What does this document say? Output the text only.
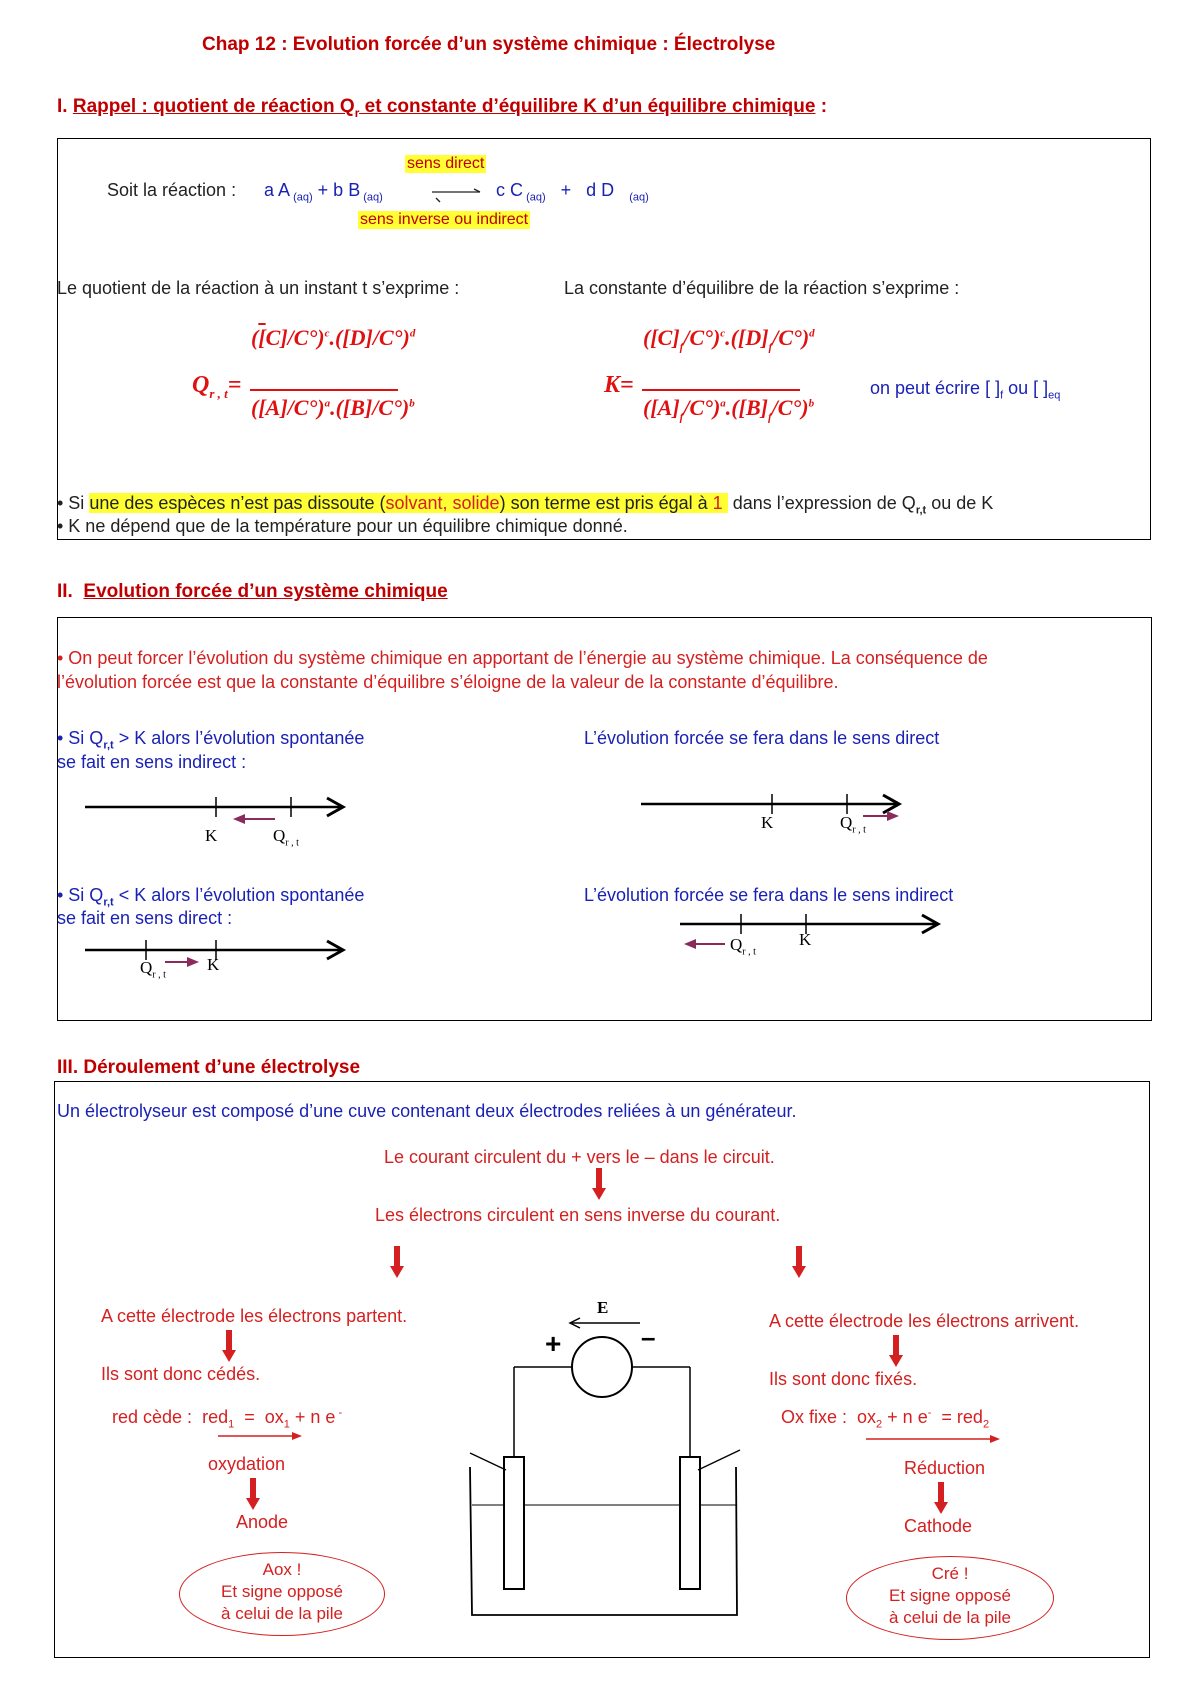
Chap 12 : Evolution forcée d’un système chimique : Électrolyse
I. Rappel : quotient de réaction $Q_r$ et constante d’équilibre K d’un équilibre chimique :
sens direct
sens inverse ou indirect
Soit la réaction : a A $_{(aq)}$ + b B $_{(aq)}$	c C $_{(aq)}$ + d D $_{(aq)}$
Le quotient de la réaction à un instant t s’exprime :	La constante d’équilibre de la réaction s’exprime :
$Q_{r , t}=$
$([C]/C^\circ)^c.([D]/C^\circ)^d$
$([A]/C^\circ)^a.([B]/C^\circ)^b$
K=
$([C]_f/C^\circ)^c.([D]_f/C^\circ)^d$
$([A]_f/C^\circ)^a.([B]_f/C^\circ)^b$
on peut écrire [ ]$_f$ ou [ ]$_{eq}$
• Si une des espèces n’est pas dissoute (solvant, solide) son terme est pris égal à 1  dans l’expression de $Q_{r,t}$ ou de K
• K ne dépend que de la température pour un équilibre chimique donné.
II. Evolution forcée d’un système chimique
• On peut forcer l’évolution du système chimique en apportant de l’énergie au système chimique. La conséquence de
l’évolution forcée est que la constante d’équilibre s’éloigne de la valeur de la constante d’équilibre.
• Si $Q_{r,t} > K$ alors l’évolution spontanée
se fait en sens indirect :
L’évolution forcée se fera dans le sens direct
• Si $Q_{r,t} < K$ alors l’évolution spontanée
se fait en sens direct :
L’évolution forcée se fera dans le sens indirect
K	$Q_{r , t}$
K	$Q_{r , t}$
K
$Q_{r , t}$
K
$Q_{r , t}$
III. Déroulement d’une électrolyse
Un électrolyseur est composé d’une cuve contenant deux électrodes reliées à un générateur.
Le courant circulent du + vers le – dans le circuit.
Les électrons circulent en sens inverse du courant.
A cette électrode les électrons partent.
Ils sont donc cédés.
red cède : $red_1 = ox_1 + n$ e -
oxydation
Anode
Aox !
Et signe opposé
à celui de la pile
A cette électrode les électrons arrivent.
Ils sont donc fixés.
Ox fixe : $ox_2 + n$ e- = red$_2$
Réduction
Cathode
Cré !
Et signe opposé
à celui de la pile
E
+	–
